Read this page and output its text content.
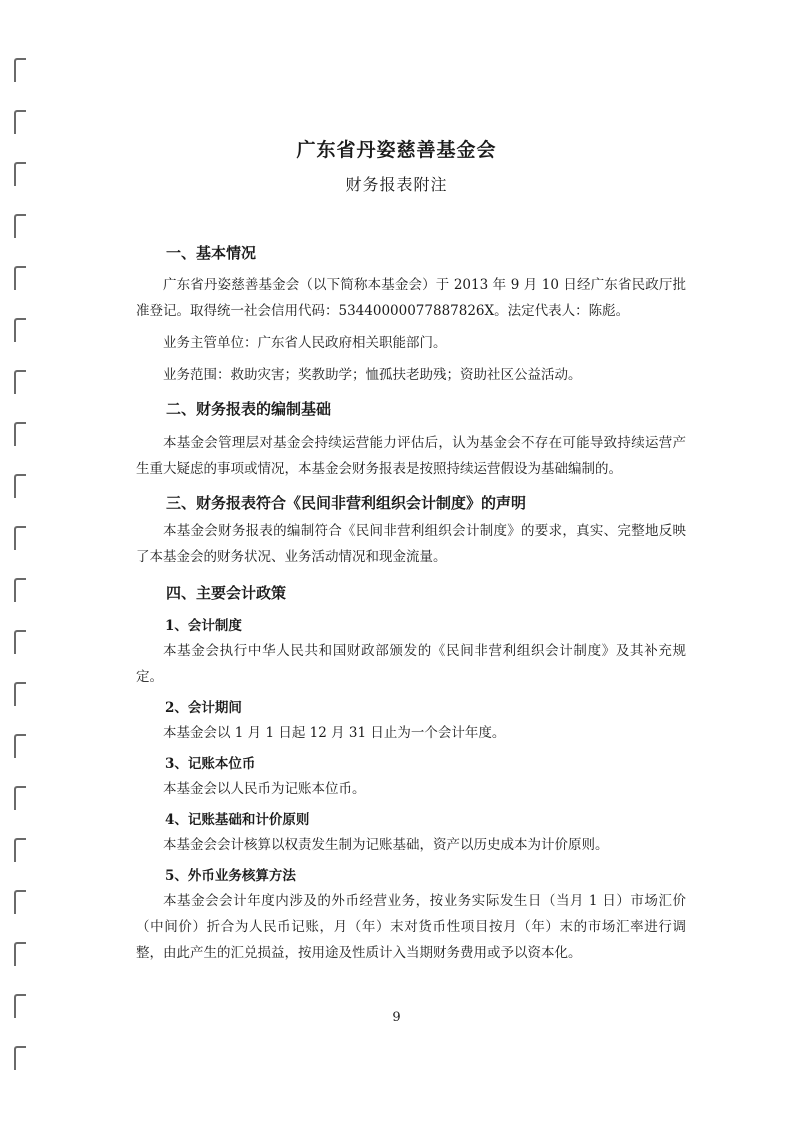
广东省丹姿慈善基金会
财务报表附注

一、基本情况

广东省丹姿慈善基金会（以下简称本基金会）于 2013 年 9 月 10 日经广东省民政厅批准登记。取得统一社会信用代码：53440000077887826X。法定代表人：陈彪。

业务主管单位：广东省人民政府相关职能部门。

业务范围：救助灾害；奖教助学；恤孤扶老助残；资助社区公益活动。

二、财务报表的编制基础

本基金会管理层对基金会持续运营能力评估后，认为基金会不存在可能导致持续运营产生重大疑虑的事项或情况，本基金会财务报表是按照持续运营假设为基础编制的。

三、财务报表符合《民间非营利组织会计制度》的声明

本基金会财务报表的编制符合《民间非营利组织会计制度》的要求，真实、完整地反映了本基金会的财务状况、业务活动情况和现金流量。

四、主要会计政策

1、会计制度

本基金会执行中华人民共和国财政部颁发的《民间非营利组织会计制度》及其补充规定。

2、会计期间

本基金会以 1 月 1 日起 12 月 31 日止为一个会计年度。

3、记账本位币

本基金会以人民币为记账本位币。

4、记账基础和计价原则

本基金会会计核算以权责发生制为记账基础，资产以历史成本为计价原则。

5、外币业务核算方法

本基金会会计年度内涉及的外币经营业务，按业务实际发生日（当月 1 日）市场汇价（中间价）折合为人民币记账，月（年）末对货币性项目按月（年）末的市场汇率进行调整，由此产生的汇兑损益，按用途及性质计入当期财务费用或予以资本化。

9
